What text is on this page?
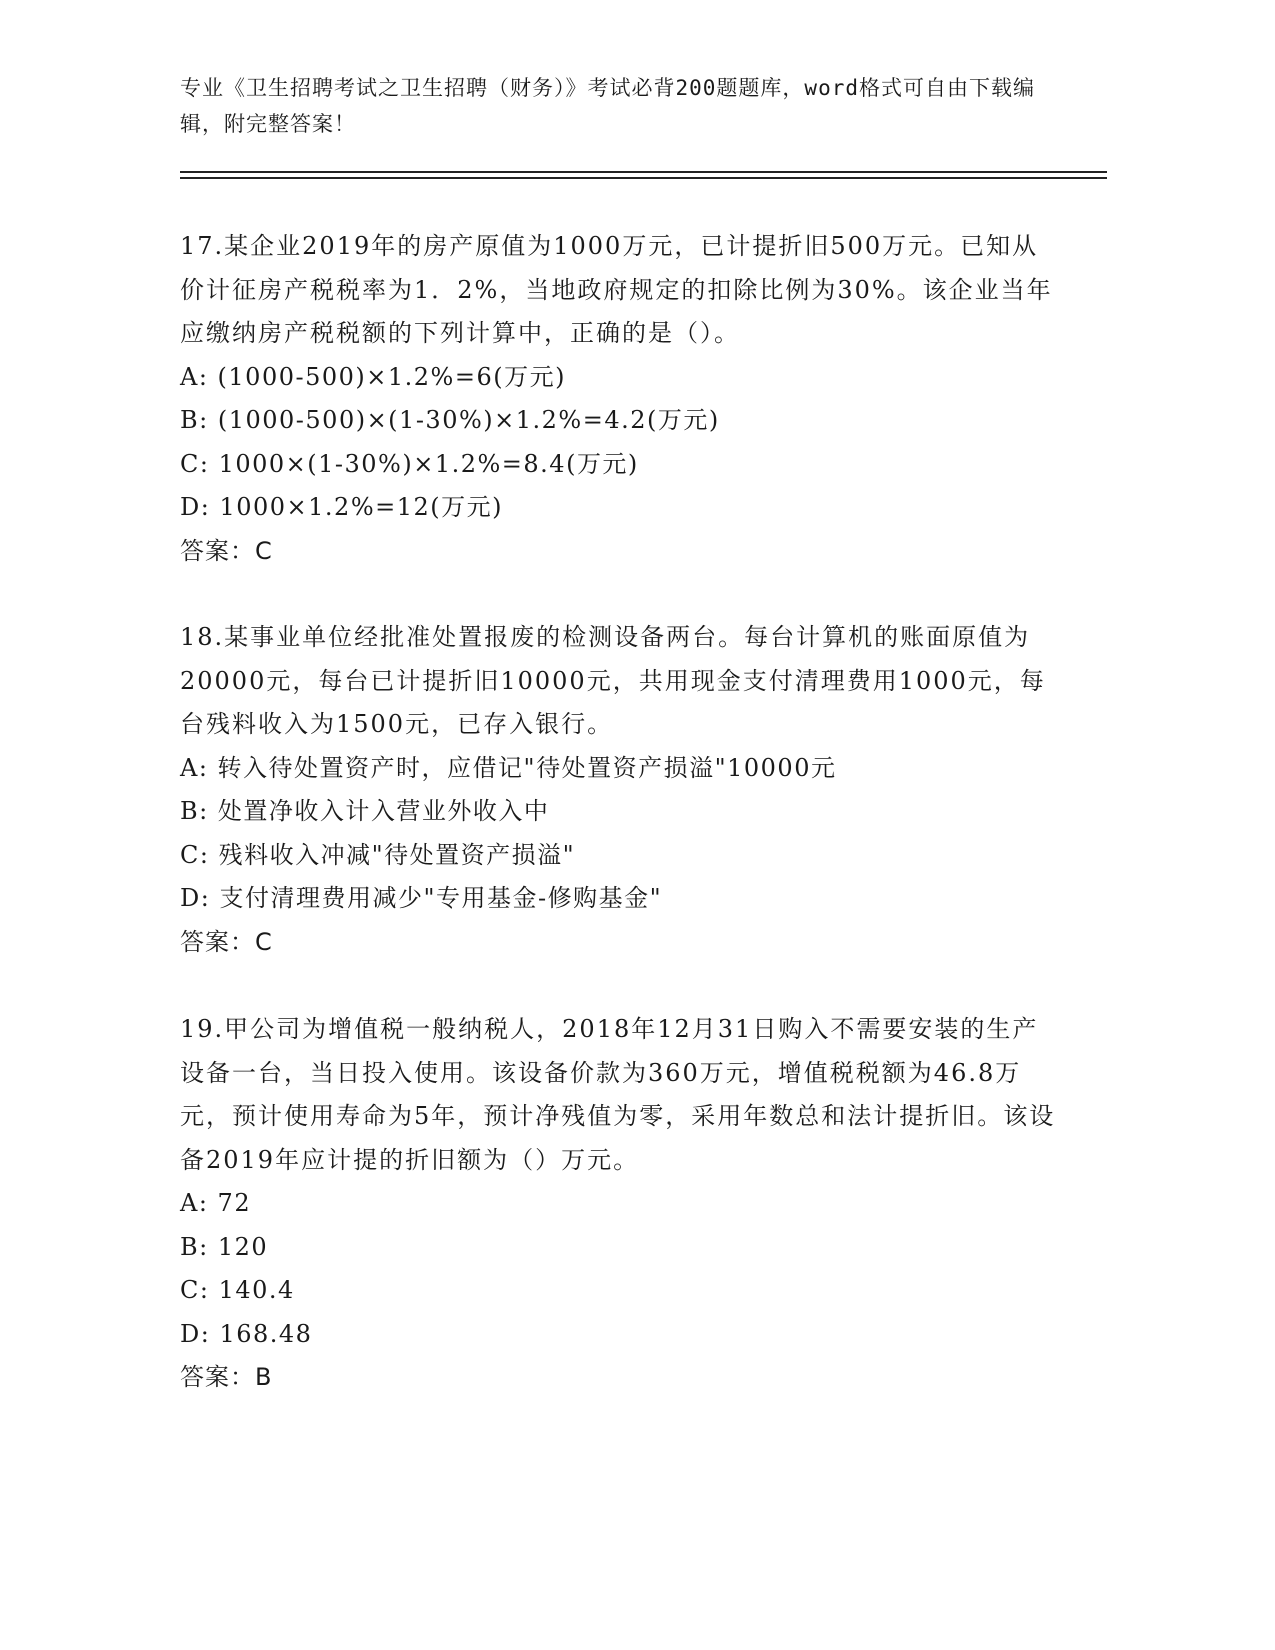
专业《卫生招聘考试之卫生招聘（财务）》考试必背200题题库，word格式可自由下载编辑，附完整答案！

17.某企业2019年的房产原值为1000万元，已计提折旧500万元。已知从价计征房产税税率为1．2%，当地政府规定的扣除比例为30%。该企业当年应缴纳房产税税额的下列计算中，正确的是（）。

A: (1000-500)×1.2%=6(万元)

B: (1000-500)×(1-30%)×1.2%=4.2(万元)

C: 1000×(1-30%)×1.2%=8.4(万元)

D: 1000×1.2%=12(万元)

答案：C

18.某事业单位经批准处置报废的检测设备两台。每台计算机的账面原值为20000元，每台已计提折旧10000元，共用现金支付清理费用1000元，每台残料收入为1500元，已存入银行。

A: 转入待处置资产时，应借记"待处置资产损溢"10000元

B: 处置净收入计入营业外收入中

C: 残料收入冲减"待处置资产损溢"

D: 支付清理费用减少"专用基金-修购基金"

答案：C

19.甲公司为增值税一般纳税人，2018年12月31日购入不需要安装的生产设备一台，当日投入使用。该设备价款为360万元，增值税税额为46.8万元，预计使用寿命为5年，预计净残值为零，采用年数总和法计提折旧。该设备2019年应计提的折旧额为（）万元。

A: 72

B: 120

C: 140.4

D: 168.48

答案：B
